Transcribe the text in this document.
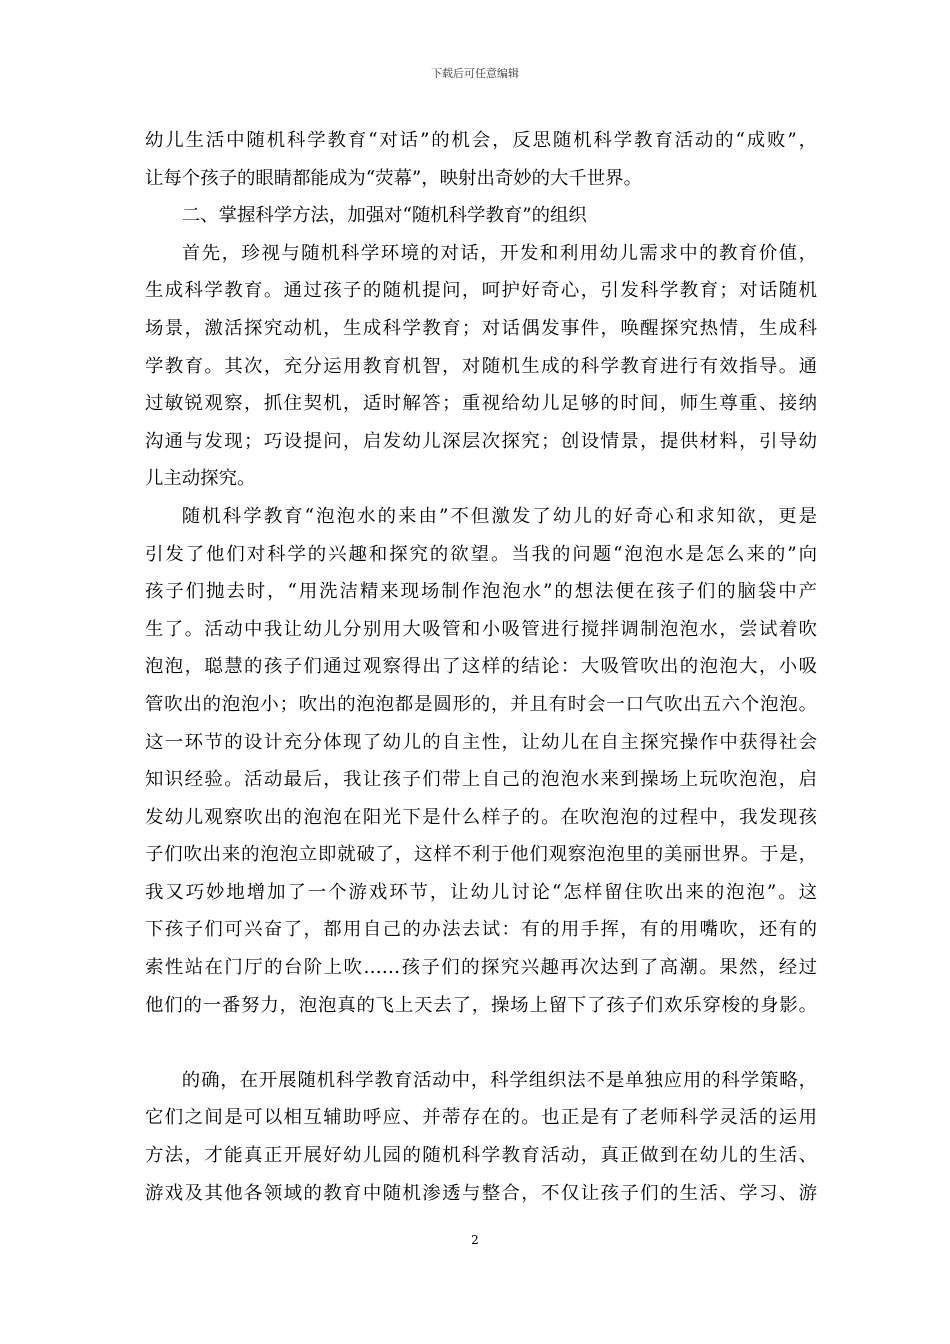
下载后可任意编辑

幼儿生活中随机科学教育“对话”的机会，反思随机科学教育活动的“成败”，
让每个孩子的眼睛都能成为“荧幕”，映射出奇妙的大千世界。

二、掌握科学方法，加强对“随机科学教育”的组织

首先，珍视与随机科学环境的对话，开发和利用幼儿需求中的教育价值，
生成科学教育。通过孩子的随机提问，呵护好奇心，引发科学教育；对话随机
场景，激活探究动机，生成科学教育；对话偶发事件，唤醒探究热情，生成科
学教育。其次，充分运用教育机智，对随机生成的科学教育进行有效指导。通
过敏锐观察，抓住契机，适时解答；重视给幼儿足够的时间，师生尊重、接纳
沟通与发现；巧设提问，启发幼儿深层次探究；创设情景，提供材料，引导幼
儿主动探究。

随机科学教育“泡泡水的来由”不但激发了幼儿的好奇心和求知欲，更是
引发了他们对科学的兴趣和探究的欲望。当我的问题“泡泡水是怎么来的”向
孩子们抛去时，“用洗洁精来现场制作泡泡水”的想法便在孩子们的脑袋中产
生了。活动中我让幼儿分别用大吸管和小吸管进行搅拌调制泡泡水，尝试着吹
泡泡，聪慧的孩子们通过观察得出了这样的结论：大吸管吹出的泡泡大，小吸
管吹出的泡泡小；吹出的泡泡都是圆形的，并且有时会一口气吹出五六个泡泡。
这一环节的设计充分体现了幼儿的自主性，让幼儿在自主探究操作中获得社会
知识经验。活动最后，我让孩子们带上自己的泡泡水来到操场上玩吹泡泡，启
发幼儿观察吹出的泡泡在阳光下是什么样子的。在吹泡泡的过程中，我发现孩
子们吹出来的泡泡立即就破了，这样不利于他们观察泡泡里的美丽世界。于是，
我又巧妙地增加了一个游戏环节，让幼儿讨论“怎样留住吹出来的泡泡”。这
下孩子们可兴奋了，都用自己的办法去试：有的用手挥，有的用嘴吹，还有的
索性站在门厅的台阶上吹……孩子们的探究兴趣再次达到了高潮。果然，经过
他们的一番努力，泡泡真的飞上天去了，操场上留下了孩子们欢乐穿梭的身影。

的确，在开展随机科学教育活动中，科学组织法不是单独应用的科学策略，
它们之间是可以相互辅助呼应、并蒂存在的。也正是有了老师科学灵活的运用
方法，才能真正开展好幼儿园的随机科学教育活动，真正做到在幼儿的生活、
游戏及其他各领域的教育中随机渗透与整合，不仅让孩子们的生活、学习、游

2
